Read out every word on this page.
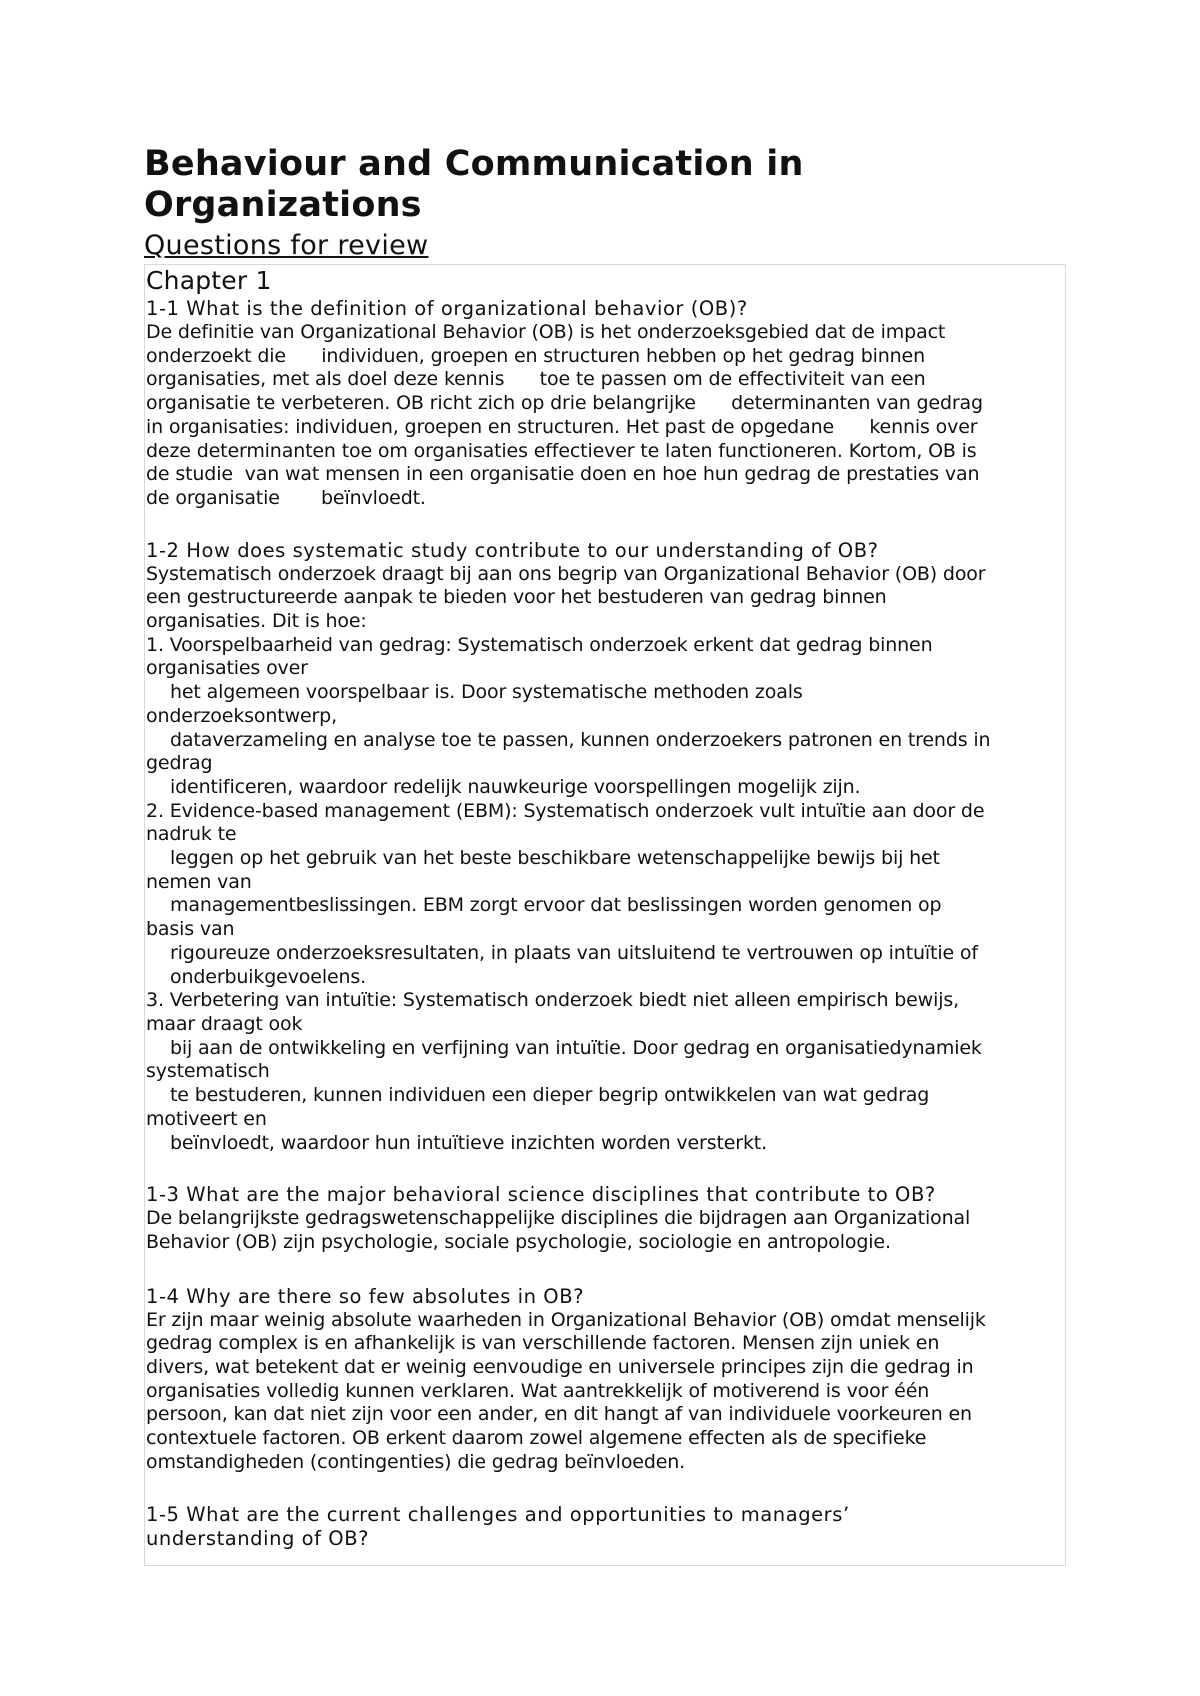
Behaviour and Communication in Organizations
Questions for review
Chapter 1
1-1 What is the definition of organizational behavior (OB)?
De definitie van Organizational Behavior (OB) is het onderzoeksgebied dat de impact
onderzoekt die      individuen, groepen en structuren hebben op het gedrag binnen
organisaties, met als doel deze kennis      toe te passen om de effectiviteit van een
organisatie te verbeteren. OB richt zich op drie belangrijke      determinanten van gedrag
in organisaties: individuen, groepen en structuren. Het past de opgedane      kennis over
deze determinanten toe om organisaties effectiever te laten functioneren. Kortom, OB is
de studie  van wat mensen in een organisatie doen en hoe hun gedrag de prestaties van
de organisatie       beïnvloedt.
1-2 How does systematic study contribute to our understanding of OB?
Systematisch onderzoek draagt bij aan ons begrip van Organizational Behavior (OB) door
een gestructureerde aanpak te bieden voor het bestuderen van gedrag binnen
organisaties. Dit is hoe:
1. Voorspelbaarheid van gedrag: Systematisch onderzoek erkent dat gedrag binnen
organisaties over
het algemeen voorspelbaar is. Door systematische methoden zoals
onderzoeksontwerp,
dataverzameling en analyse toe te passen, kunnen onderzoekers patronen en trends in
gedrag
identificeren, waardoor redelijk nauwkeurige voorspellingen mogelijk zijn.
2. Evidence-based management (EBM): Systematisch onderzoek vult intuïtie aan door de
nadruk te
leggen op het gebruik van het beste beschikbare wetenschappelijke bewijs bij het
nemen van
managementbeslissingen. EBM zorgt ervoor dat beslissingen worden genomen op
basis van
rigoureuze onderzoeksresultaten, in plaats van uitsluitend te vertrouwen op intuïtie of
onderbuikgevoelens.
3. Verbetering van intuïtie: Systematisch onderzoek biedt niet alleen empirisch bewijs,
maar draagt ook
bij aan de ontwikkeling en verfijning van intuïtie. Door gedrag en organisatiedynamiek
systematisch
te bestuderen, kunnen individuen een dieper begrip ontwikkelen van wat gedrag
motiveert en
beïnvloedt, waardoor hun intuïtieve inzichten worden versterkt.
1-3 What are the major behavioral science disciplines that contribute to OB?
De belangrijkste gedragswetenschappelijke disciplines die bijdragen aan Organizational
Behavior (OB) zijn psychologie, sociale psychologie, sociologie en antropologie.
1-4 Why are there so few absolutes in OB?
Er zijn maar weinig absolute waarheden in Organizational Behavior (OB) omdat menselijk
gedrag complex is en afhankelijk is van verschillende factoren. Mensen zijn uniek en
divers, wat betekent dat er weinig eenvoudige en universele principes zijn die gedrag in
organisaties volledig kunnen verklaren. Wat aantrekkelijk of motiverend is voor één
persoon, kan dat niet zijn voor een ander, en dit hangt af van individuele voorkeuren en
contextuele factoren. OB erkent daarom zowel algemene effecten als de specifieke
omstandigheden (contingenties) die gedrag beïnvloeden.
1-5 What are the current challenges and opportunities to managers’
understanding of OB?
